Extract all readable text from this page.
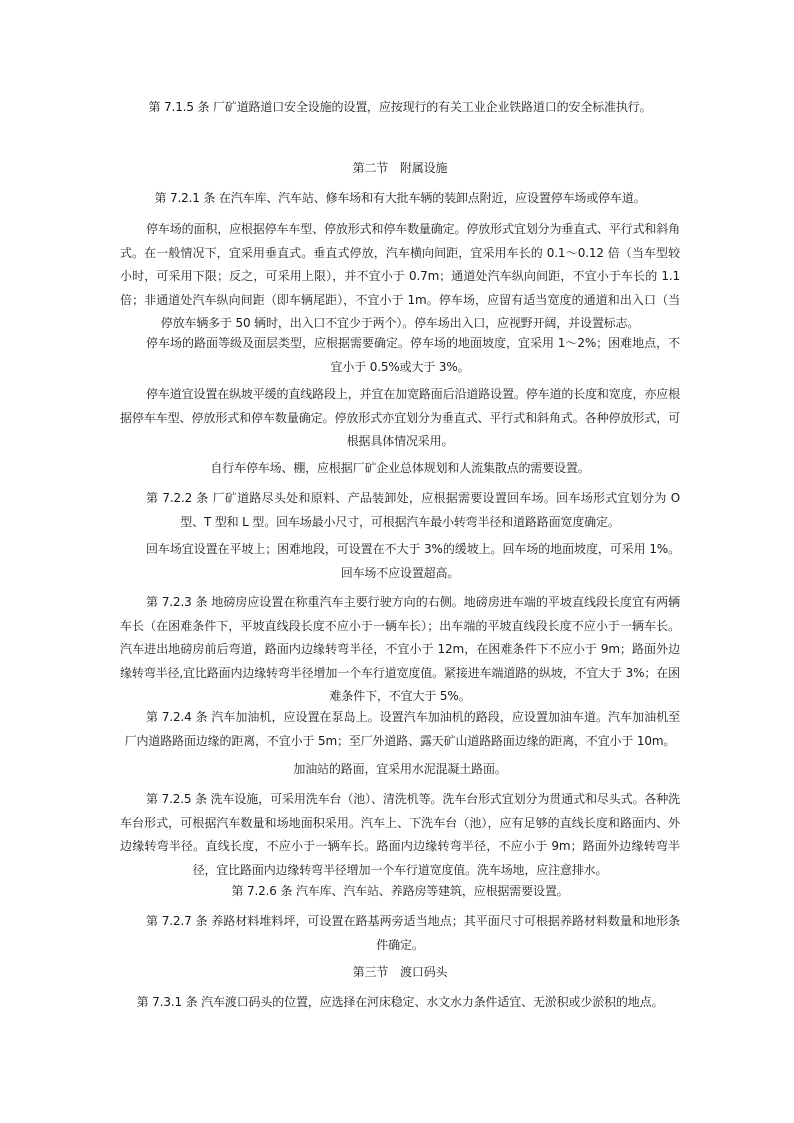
第 7.1.5 条 厂矿道路道口安全设施的设置，应按现行的有关工业企业铁路道口的安全标准执行。
第二节　附属设施
第 7.2.1 条 在汽车库、汽车站、修车场和有大批车辆的装卸点附近，应设置停车场或停车道。
停车场的面积，应根据停车车型、停放形式和停车数量确定。停放形式宜划分为垂直式、平行式和斜角式。在一般情况下，宜采用垂直式。垂直式停放，汽车横向间距，宜采用车长的 0.1～0.12 倍（当车型较小时，可采用下限；反之，可采用上限），并不宜小于 0.7m；通道处汽车纵向间距，不宜小于车长的 1.1 倍；非通道处汽车纵向间距（即车辆尾距），不宜小于 1m。停车场，应留有适当宽度的通道和出入口（当停放车辆多于 50 辆时，出入口不宜少于两个）。停车场出入口，应视野开阔，并设置标志。
停车场的路面等级及面层类型，应根据需要确定。停车场的地面坡度，宜采用 1～2%；困难地点，不宜小于 0.5%或大于 3%。
停车道宜设置在纵坡平缓的直线路段上，并宜在加宽路面后沿道路设置。停车道的长度和宽度，亦应根据停车车型、停放形式和停车数量确定。停放形式亦宜划分为垂直式、平行式和斜角式。各种停放形式，可根据具体情况采用。
自行车停车场、棚，应根据厂矿企业总体规划和人流集散点的需要设置。
第 7.2.2 条 厂矿道路尽头处和原料、产品装卸处，应根据需要设置回车场。回车场形式宜划分为 O 型、T 型和 L 型。回车场最小尺寸，可根据汽车最小转弯半径和道路路面宽度确定。
回车场宜设置在平坡上；困难地段，可设置在不大于 3%的缓坡上。回车场的地面坡度，可采用 1%。回车场不应设置超高。
第 7.2.3 条 地磅房应设置在称重汽车主要行驶方向的右侧。地磅房进车端的平坡直线段长度宜有两辆车长（在困难条件下，平坡直线段长度不应小于一辆车长）；出车端的平坡直线段长度不应小于一辆车长。汽车进出地磅房前后弯道，路面内边缘转弯半径，不宜小于 12m，在困难条件下不应小于 9m；路面外边缘转弯半径,宜比路面内边缘转弯半径增加一个车行道宽度值。紧接进车端道路的纵坡，不宜大于 3%；在困难条件下，不宜大于 5%。
第 7.2.4 条 汽车加油机，应设置在泵岛上。设置汽车加油机的路段，应设置加油车道。汽车加油机至厂内道路路面边缘的距离，不宜小于 5m；至厂外道路、露天矿山道路路面边缘的距离，不宜小于 10m。
加油站的路面，宜采用水泥混凝土路面。
第 7.2.5 条 洗车设施，可采用洗车台（池）、清洗机等。洗车台形式宜划分为贯通式和尽头式。各种洗车台形式，可根据汽车数量和场地面积采用。汽车上、下洗车台（池），应有足够的直线长度和路面内、外边缘转弯半径。直线长度，不应小于一辆车长。路面内边缘转弯半径，不应小于 9m；路面外边缘转弯半径，宜比路面内边缘转弯半径增加一个车行道宽度值。洗车场地，应注意排水。
第 7.2.6 条 汽车库、汽车站、养路房等建筑，应根据需要设置。
第 7.2.7 条 养路材料堆料坪，可设置在路基两旁适当地点；其平面尺寸可根据养路材料数量和地形条件确定。
第三节　渡口码头
第 7.3.1 条 汽车渡口码头的位置，应选择在河床稳定、水文水力条件适宜、无淤积或少淤积的地点。
